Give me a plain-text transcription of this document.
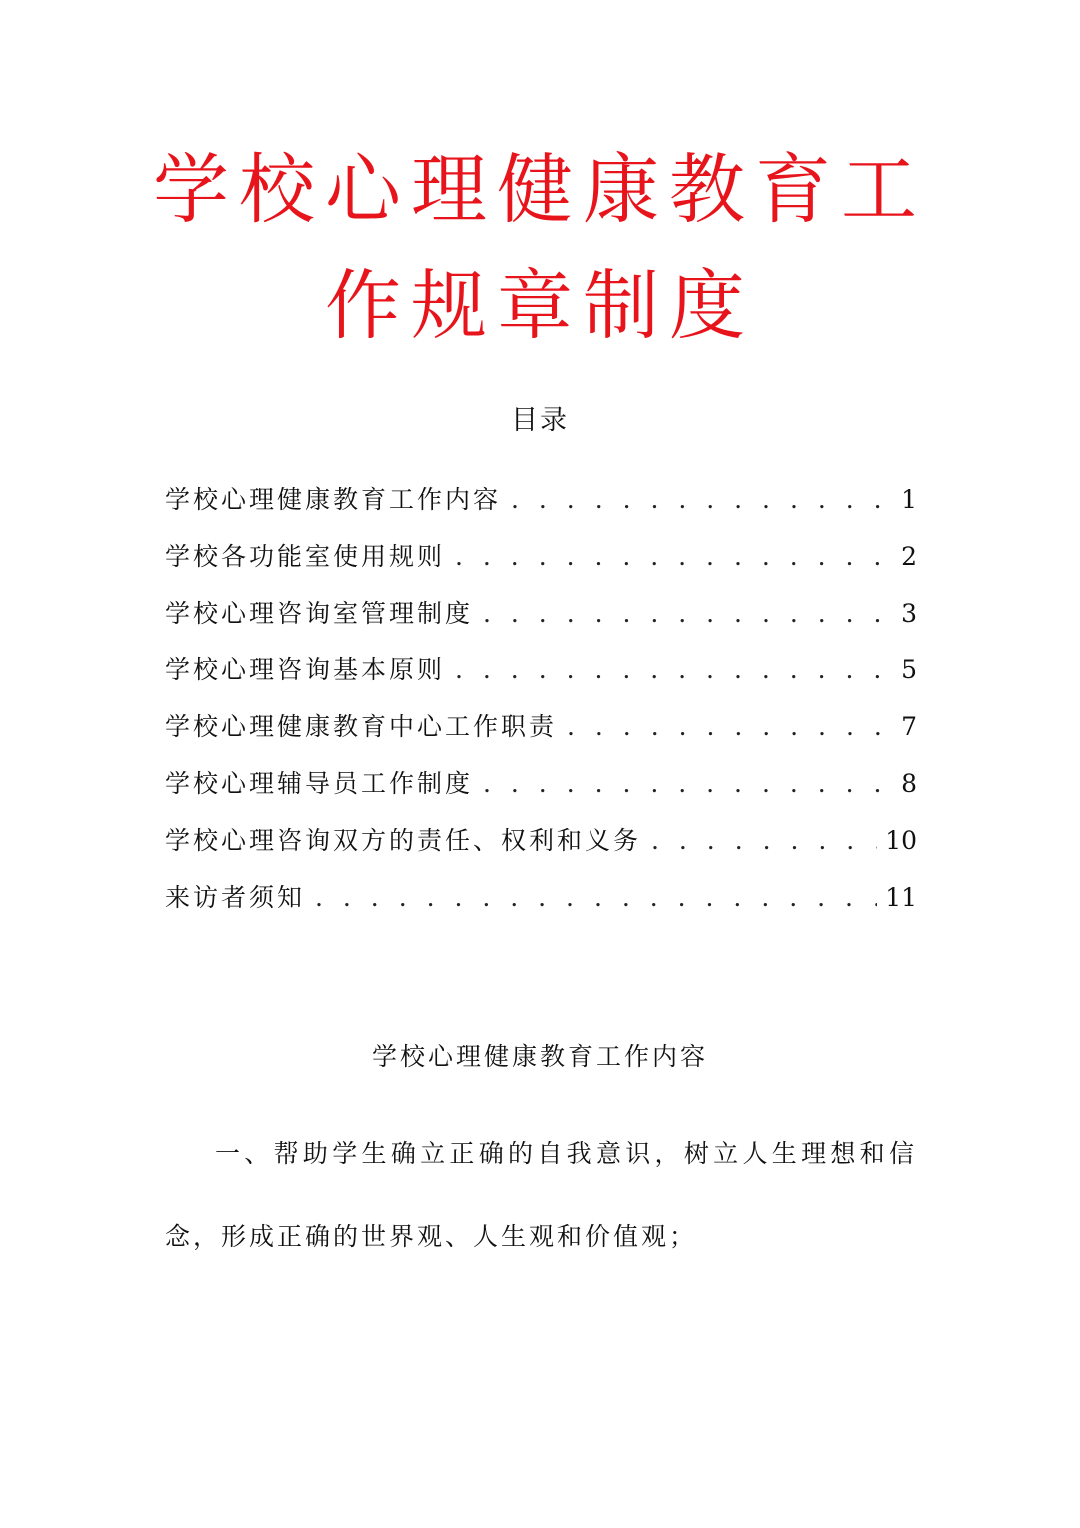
学校心理健康教育工
作规章制度
目录
学校心理健康教育工作内容 . . .	1
学校各功能室使用规则 . . .	2
学校心理咨询室管理制度 . . .	3
学校心理咨询基本原则 . . .	5
学校心理健康教育中心工作职责 . . .	7
学校心理辅导员工作制度 . . .	8
学校心理咨询双方的责任、权利和义务 . . .	10
来访者须知 . . .	11
学校心理健康教育工作内容

一、帮助学生确立正确的自我意识，树立人生理想和信念，形成正确的世界观、人生观和价值观；
